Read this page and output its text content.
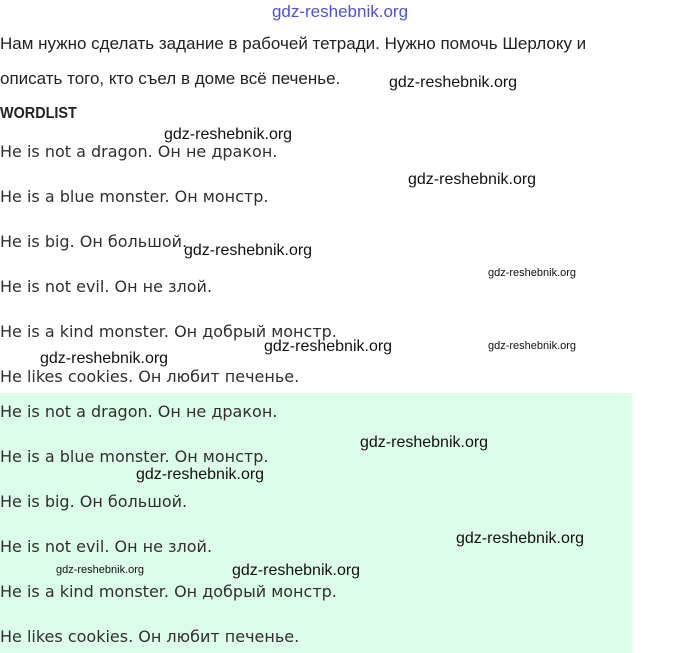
gdz-reshebnik.org
Нам нужно сделать задание в рабочей тетради. Нужно помочь Шерлоку и
описать того, кто съел в доме всё печенье.
WORDLIST
He is not a dragon. Он не дракон.
He is a blue monster. Он монстр.
He is big. Он большой.
He is not evil. Он не злой.
He is a kind monster. Он добрый монстр.
He likes cookies. Он любит печенье.
He is not a dragon. Он не дракон.
He is a blue monster. Он монстр.
He is big. Он большой.
He is not evil. Он не злой.
He is a kind monster. Он добрый монстр.
He likes cookies. Он любит печенье.
gdz-reshebnik.org
gdz-reshebnik.org
gdz-reshebnik.org
gdz-reshebnik.org
gdz-reshebnik.org
gdz-reshebnik.org	gdz-reshebnik.org
gdz-reshebnik.org
gdz-reshebnik.org
gdz-reshebnik.org
gdz-reshebnik.org
gdz-reshebnik.org	gdz-reshebnik.org
